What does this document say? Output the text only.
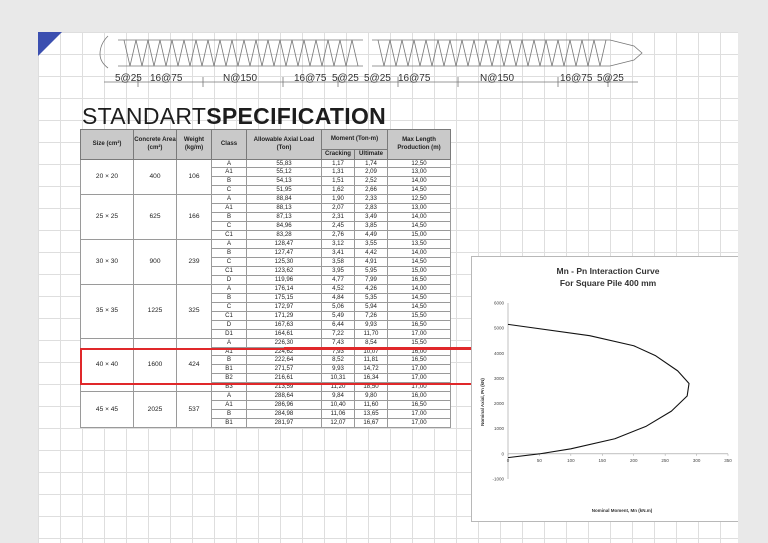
5@25 16@75	N@150	16@75 5@25 5@25 16@75	N@150	16@75 5@25
STANDARTSPECIFICATION
Size (cm²)	Concrete Area (cm²)	Weight (kg/m)	Class	Allowable Axial Load (Ton)	Moment (Ton-m)		Max Length Production (m)
					Cracking	Ultimate	
20 × 20	400	106	A	55,83	1,17	1,74	12,50
			A1	55,12	1,31	2,09	13,00
			B	54,13	1,51	2,52	14,00
			C	51,95	1,62	2,66	14,50
25 × 25	625	166	A	88,84	1,90	2,33	12,50
			A1	88,13	2,07	2,83	13,00
			B	87,13	2,31	3,49	14,00
			C	84,96	2,45	3,85	14,50
			C1	83,28	2,76	4,49	15,00
30 × 30	900	239	A	128,47	3,12	3,55	13,50
			B	127,47	3,41	4,42	14,00
			C	125,30	3,58	4,91	14,50
			C1	123,62	3,95	5,95	15,00
			D	119,96	4,77	7,99	16,50
35 × 35	1225	325	A	176,14	4,52	4,26	14,00
			B	175,15	4,84	5,35	14,50
			C	172,97	5,06	5,94	14,50
			C1	171,29	5,49	7,26	15,50
			D	167,63	6,44	9,93	16,50
			D1	164,61	7,22	11,70	17,00
40 × 40	1600	424	A	226,30	7,43	8,54	15,50
			A1	224,62	7,93	10,07	16,00
			B	222,64	8,52	11,81	16,50
			B1	271,57	9,93	14,72	17,00
			B2	216,61	10,31	16,34	17,00
			B3	213,59	11,20	18,50	17,00
45 × 45	2025	537	A	288,64	9,84	9,80	16,00
			A1	286,96	10,40	11,60	16,50
			B	284,98	11,06	13,65	17,00
			B1	281,97	12,07	16,67	17,00
Mn - Pn Interaction Curve
For Square Pile 400 mm
Nominal Moment, Mn (kN.m)
Nominal Axial, Pn (kN)
-1000
0
1000
2000
3000
4000
5000
6000
0	50	100	150	200	250	300	350
